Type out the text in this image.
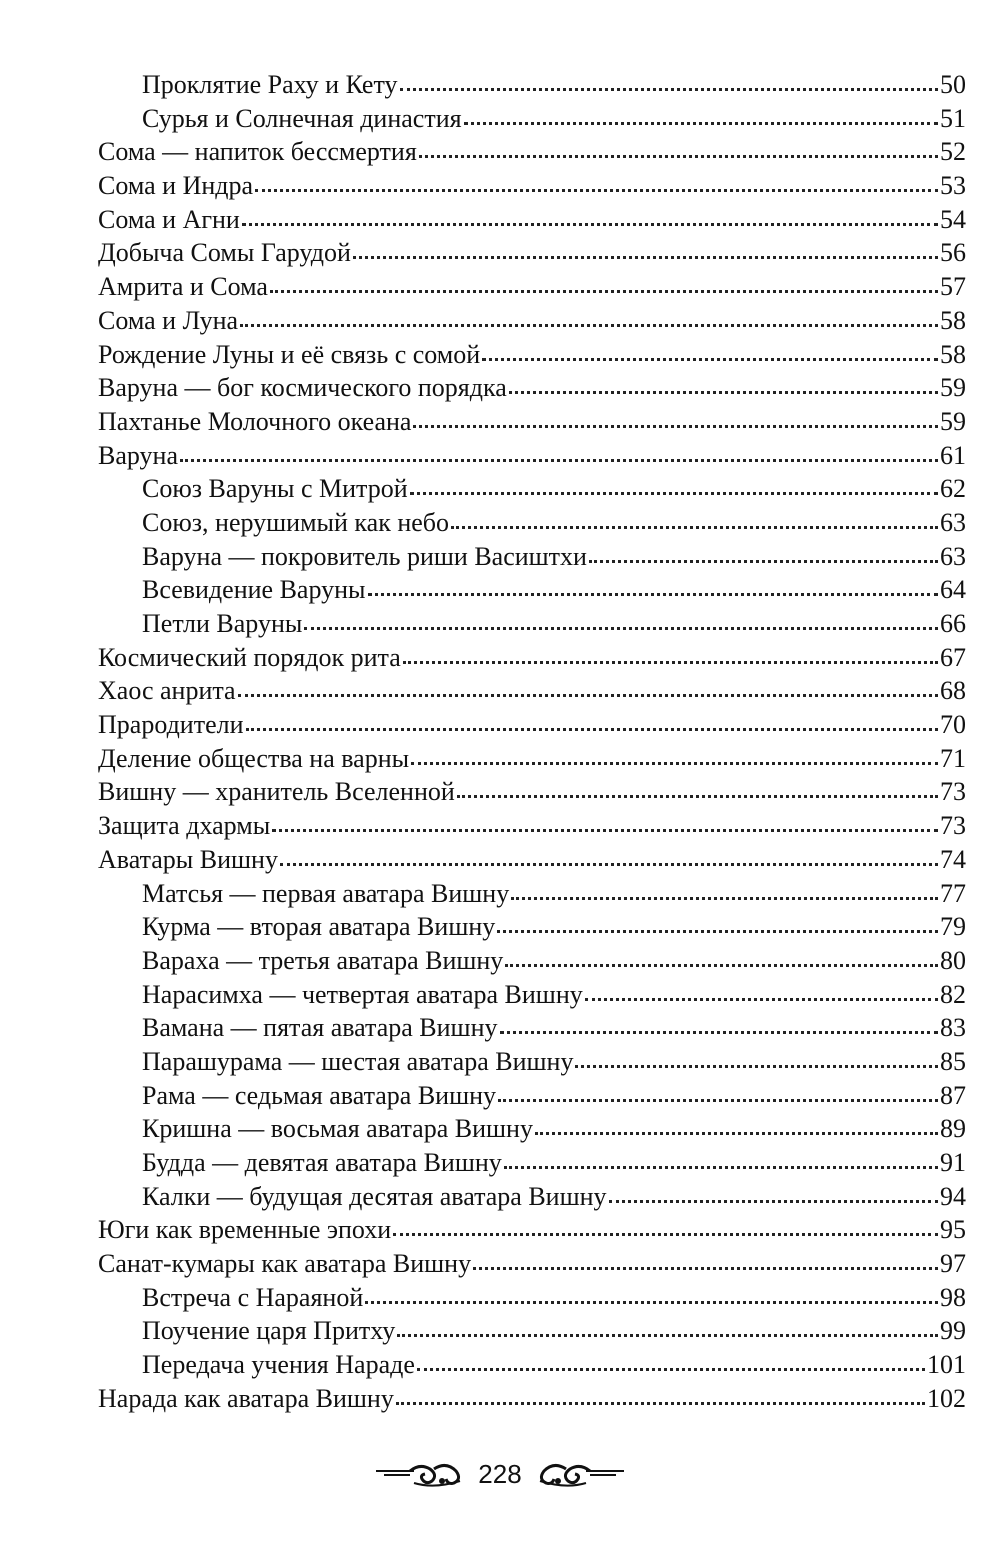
Проклятие Раху и Кету	50
Сурья и Солнечная династия	51
Сома — напиток бессмертия	52
Сома и Индра	53
Сома и Агни	54
Добыча Сомы Гарудой	56
Амрита и Сома	57
Сома и Луна	58
Рождение Луны и её связь с сомой	58
Варуна — бог космического порядка	59
Пахтанье Молочного океана	59
Варуна	61
Союз Варуны с Митрой	62
Союз, нерушимый как небо	63
Варуна — покровитель риши Васиштхи	63
Всевидение Варуны	64
Петли Варуны	66
Космический порядок рита	67
Хаос анрита	68
Прародители	70
Деление общества на варны	71
Вишну — хранитель Вселенной	73
Защита дхармы	73
Аватары Вишну	74
Матсья — первая аватара Вишну	77
Курма — вторая аватара Вишну	79
Вараха — третья аватара Вишну	80
Нарасимха — четвертая аватара Вишну	82
Вамана — пятая аватара Вишну	83
Парашурама — шестая аватара Вишну	85
Рама — седьмая аватара Вишну	87
Кришна — восьмая аватара Вишну	89
Будда — девятая аватара Вишну	91
Калки — будущая десятая аватара Вишну	94
Юги как временные эпохи	95
Санат-кумары как аватара Вишну	97
Встреча с Нараяной	98
Поучение царя Притху	99
Передача учения Нараде	101
Нарада как аватара Вишну	102
228
